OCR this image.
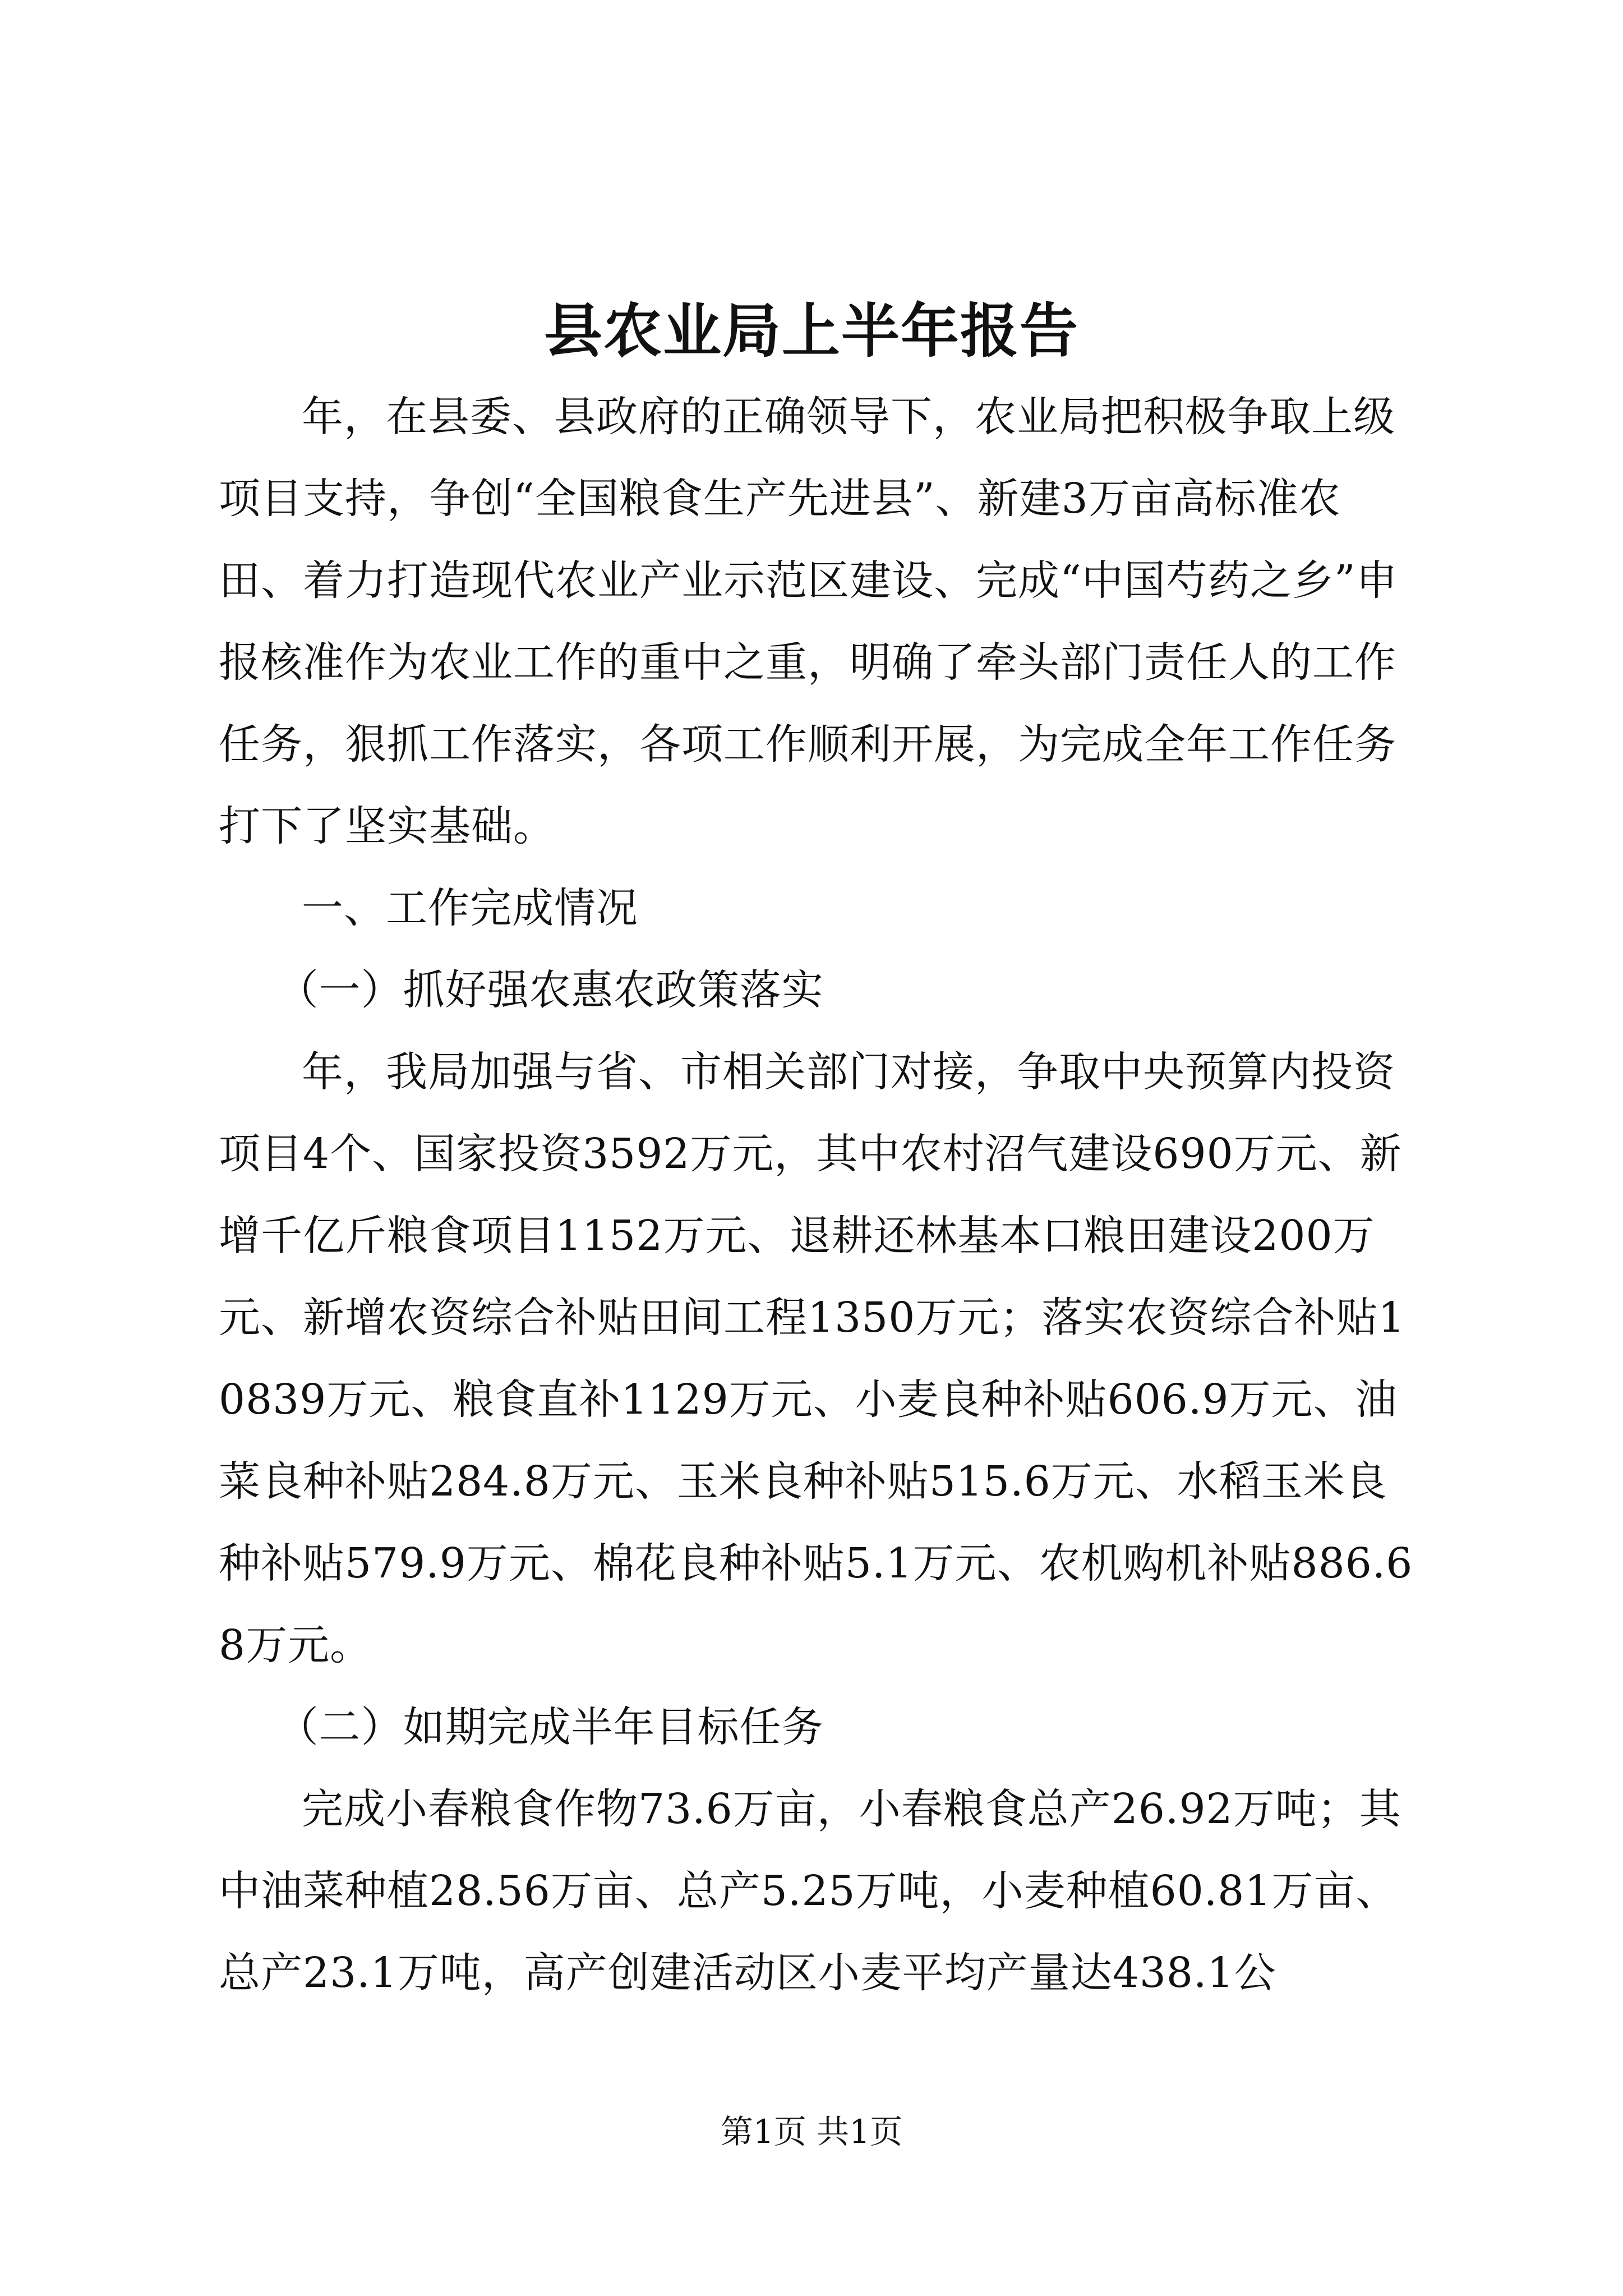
县农业局上半年报告

年，在县委、县政府的正确领导下，农业局把积极争取上级项目支持，争创“全国粮食生产先进县”、新建3万亩高标准农田、着力打造现代农业产业示范区建设、完成“中国芍药之乡”申报核准作为农业工作的重中之重，明确了牵头部门责任人的工作任务，狠抓工作落实，各项工作顺利开展，为完成全年工作任务打下了坚实基础。

一、工作完成情况

（一）抓好强农惠农政策落实

年，我局加强与省、市相关部门对接，争取中央预算内投资项目4个、国家投资3592万元，其中农村沼气建设690万元、新增千亿斤粮食项目1152万元、退耕还林基本口粮田建设200万元、新增农资综合补贴田间工程1350万元；落实农资综合补贴10839万元、粮食直补1129万元、小麦良种补贴606.9万元、油菜良种补贴284.8万元、玉米良种补贴515.6万元、水稻玉米良种补贴579.9万元、棉花良种补贴5.1万元、农机购机补贴886.68万元。

（二）如期完成半年目标任务

完成小春粮食作物73.6万亩，小春粮食总产26.92万吨；其中油菜种植28.56万亩、总产5.25万吨，小麦种植60.81万亩、总产23.1万吨，高产创建活动区小麦平均产量达438.1公

第1页 共1页
